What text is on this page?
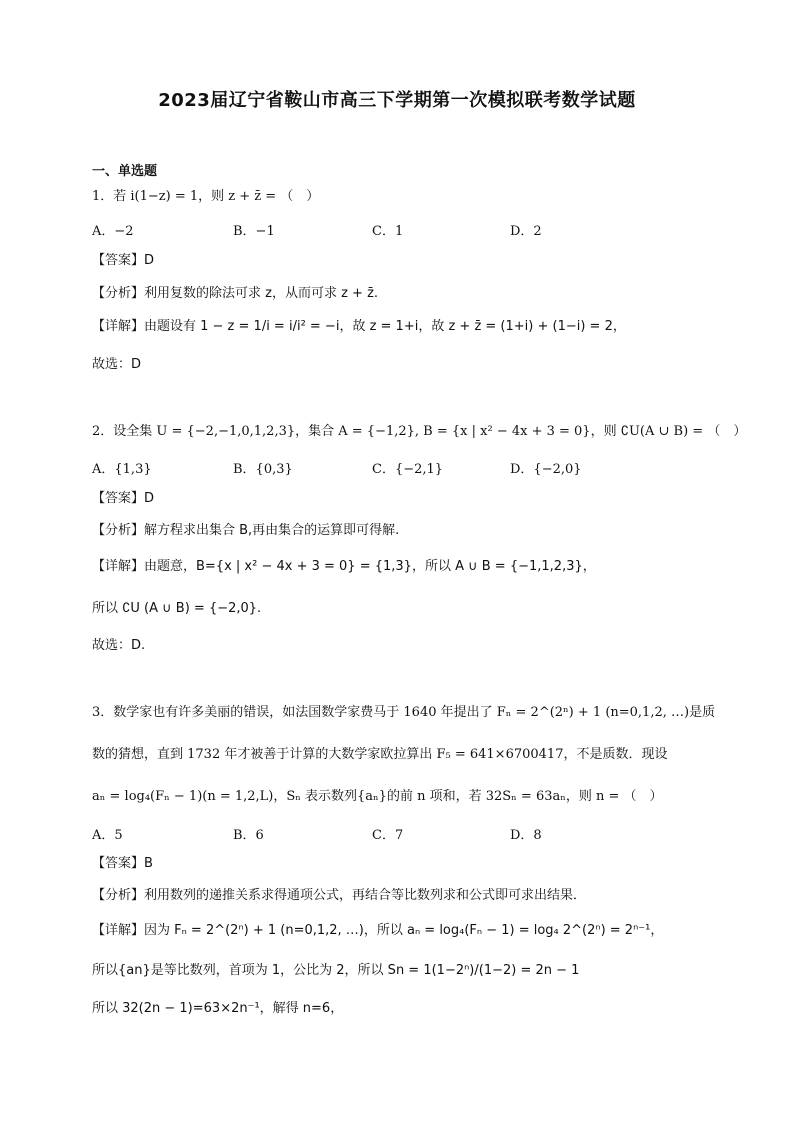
2023届辽宁省鞍山市高三下学期第一次模拟联考数学试题
一、单选题
1．若 i(1−z) = 1，则 z + z̄ = （　）
A．−2	B．−1	C．1	D．2
【答案】D
【分析】利用复数的除法可求 z，从而可求 z + z̄.
【详解】由题设有 1 − z = 1/i = i/i² = −i，故 z = 1+i，故 z + z̄ = (1+i) + (1−i) = 2，
故选：D
2．设全集 U = {−2,−1,0,1,2,3}，集合 A = {−1,2}, B = {x | x² − 4x + 3 = 0}，则 ∁U(A ∪ B) = （　）
A．{1,3}	B．{0,3}	C．{−2,1}	D．{−2,0}
【答案】D
【分析】解方程求出集合 B,再由集合的运算即可得解.
【详解】由题意，B={x | x² − 4x + 3 = 0} = {1,3}，所以 A ∪ B = {−1,1,2,3}，
所以 ∁U (A ∪ B) = {−2,0}.
故选：D.
3．数学家也有许多美丽的错误，如法国数学家费马于 1640 年提出了 Fₙ = 2^(2ⁿ) + 1 (n=0,1,2, …)是质
数的猜想，直到 1732 年才被善于计算的大数学家欧拉算出 F₅ = 641×6700417，不是质数．现设
aₙ = log₄(Fₙ − 1)(n = 1,2,L)，Sₙ 表示数列{aₙ}的前 n 项和，若 32Sₙ = 63aₙ，则 n = （　）
A．5	B．6	C．7	D．8
【答案】B
【分析】利用数列的递推关系求得通项公式，再结合等比数列求和公式即可求出结果．
【详解】因为 Fₙ = 2^(2ⁿ) + 1 (n=0,1,2, …)，所以 aₙ = log₄(Fₙ − 1) = log₄ 2^(2ⁿ) = 2ⁿ⁻¹，
所以{an}是等比数列，首项为 1，公比为 2，所以 Sn = 1(1−2ⁿ)/(1−2) = 2n − 1
所以 32(2n − 1)=63×2n⁻¹，解得 n=6，
